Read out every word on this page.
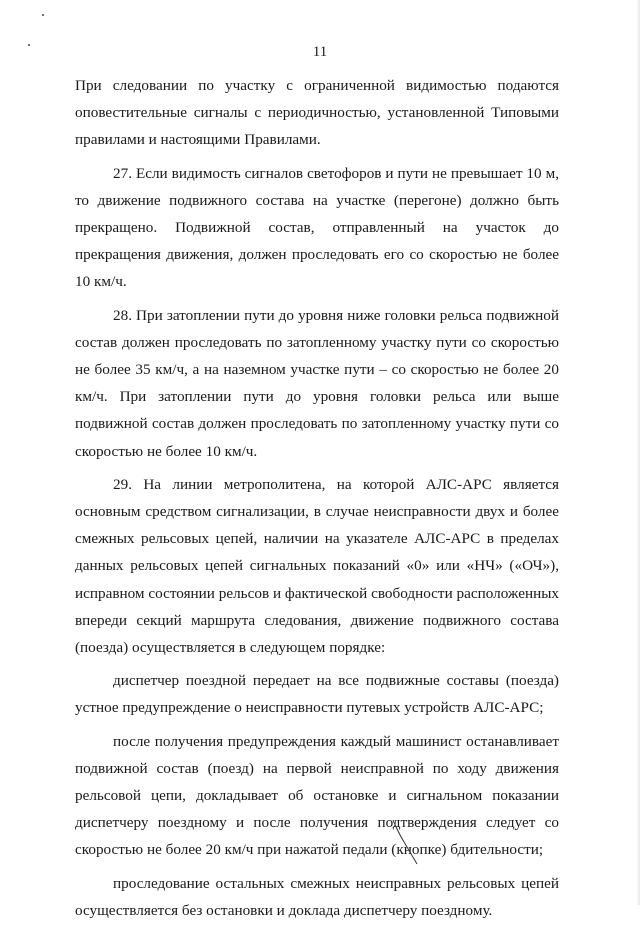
11

При следовании по участку с ограниченной видимостью подаются оповестительные сигналы с периодичностью, установленной Типовыми правилами и настоящими Правилами.

27. Если видимость сигналов светофоров и пути не превышает 10 м, то движение подвижного состава на участке (перегоне) должно быть прекращено. Подвижной состав, отправленный на участок до прекращения движения, должен проследовать его со скоростью не более 10 км/ч.

28. При затоплении пути до уровня ниже головки рельса подвижной состав должен проследовать по затопленному участку пути со скоростью не более 35 км/ч, а на наземном участке пути – со скоростью не более 20 км/ч. При затоплении пути до уровня головки рельса или выше подвижной состав должен проследовать по затопленному участку пути со скоростью не более 10 км/ч.

29. На линии метрополитена, на которой АЛС-АРС является основным средством сигнализации, в случае неисправности двух и более смежных рельсовых цепей, наличии на указателе АЛС-АРС в пределах данных рельсовых цепей сигнальных показаний «0» или «НЧ» («ОЧ»), исправном состоянии рельсов и фактической свободности расположенных впереди секций маршрута следования, движение подвижного состава (поезда) осуществляется в следующем порядке:

диспетчер поездной передает на все подвижные составы (поезда) устное предупреждение о неисправности путевых устройств АЛС-АРС;

после получения предупреждения каждый машинист останавливает подвижной состав (поезд) на первой неисправной по ходу движения рельсовой цепи, докладывает об остановке и сигнальном показании диспетчеру поездному и после получения подтверждения следует со скоростью не более 20 км/ч при нажатой педали (кнопке) бдительности;

проследование остальных смежных неисправных рельсовых цепей осуществляется без остановки и доклада диспетчеру поездному.
